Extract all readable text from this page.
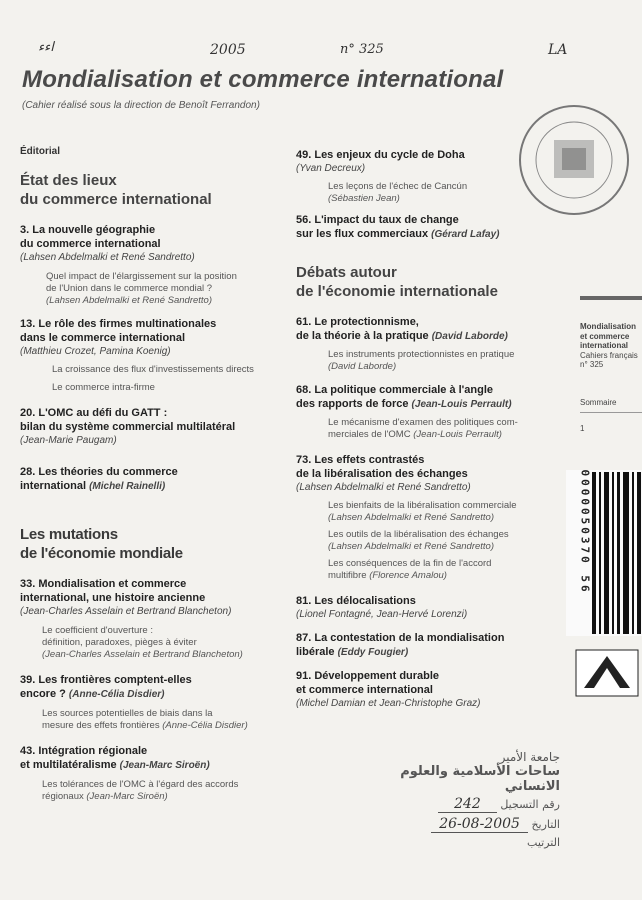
اءء	2005	n° 325	LA
Mondialisation et commerce international
(Cahier réalisé sous la direction de Benoît Ferrandon)
Éditorial
État des lieux
du commerce international
3. La nouvelle géographie
du commerce international
(Lahsen Abdelmalki et René Sandretto)
Quel impact de l'élargissement sur la position
de l'Union dans le commerce mondial ?
(Lahsen Abdelmalki et René Sandretto)
13. Le rôle des firmes multinationales
dans le commerce international
(Matthieu Crozet, Pamina Koenig)
La croissance des flux d'investissements directs
Le commerce intra-firme
20. L'OMC au défi du GATT :
bilan du système commercial multilatéral
(Jean-Marie Paugam)
28. Les théories du commerce
international (Michel Rainelli)
Les mutations
de l'économie mondiale
33. Mondialisation et commerce
international, une histoire ancienne
(Jean-Charles Asselain et Bertrand Blancheton)
Le coefficient d'ouverture :
définition, paradoxes, pièges à éviter
(Jean-Charles Asselain et Bertrand Blancheton)
39. Les frontières comptent-elles
encore ? (Anne-Célia Disdier)
Les sources potentielles de biais dans la
mesure des effets frontières (Anne-Célia Disdier)
43. Intégration régionale
et multilatéralisme (Jean-Marc Siroën)
Les tolérances de l'OMC à l'égard des accords
régionaux (Jean-Marc Siroën)
49. Les enjeux du cycle de Doha
(Yvan Decreux)
Les leçons de l'échec de Cancún
(Sébastien Jean)
56. L'impact du taux de change
sur les flux commerciaux (Gérard Lafay)
Débats autour
de l'économie internationale
61. Le protectionnisme,
de la théorie à la pratique (David Laborde)
Les instruments protectionnistes en pratique
(David Laborde)
68. La politique commerciale à l'angle
des rapports de force (Jean-Louis Perrault)
Le mécanisme d'examen des politiques com-
merciales de l'OMC (Jean-Louis Perrault)
73. Les effets contrastés
de la libéralisation des échanges
(Lahsen Abdelmalki et René Sandretto)
Les bienfaits de la libéralisation commerciale
(Lahsen Abdelmalki et René Sandretto)
Les outils de la libéralisation des échanges
(Lahsen Abdelmalki et René Sandretto)
Les conséquences de la fin de l'accord
multifibre (Florence Amalou)
81. Les délocalisations
(Lionel Fontagné, Jean-Hervé Lorenzi)
87. La contestation de la mondialisation
libérale (Eddy Fougier)
91. Développement durable
et commerce international
(Michel Damian et Jean-Christophe Graz)
Mondialisation
et commerce
international
Cahiers français
n° 325
Sommaire
1
0000050370 56
جامعة الأمير
ساحات الأسلامية والعلوم الانساني
242 رقم التسجيل
26-08-2005 التاريخ
الترتيب
